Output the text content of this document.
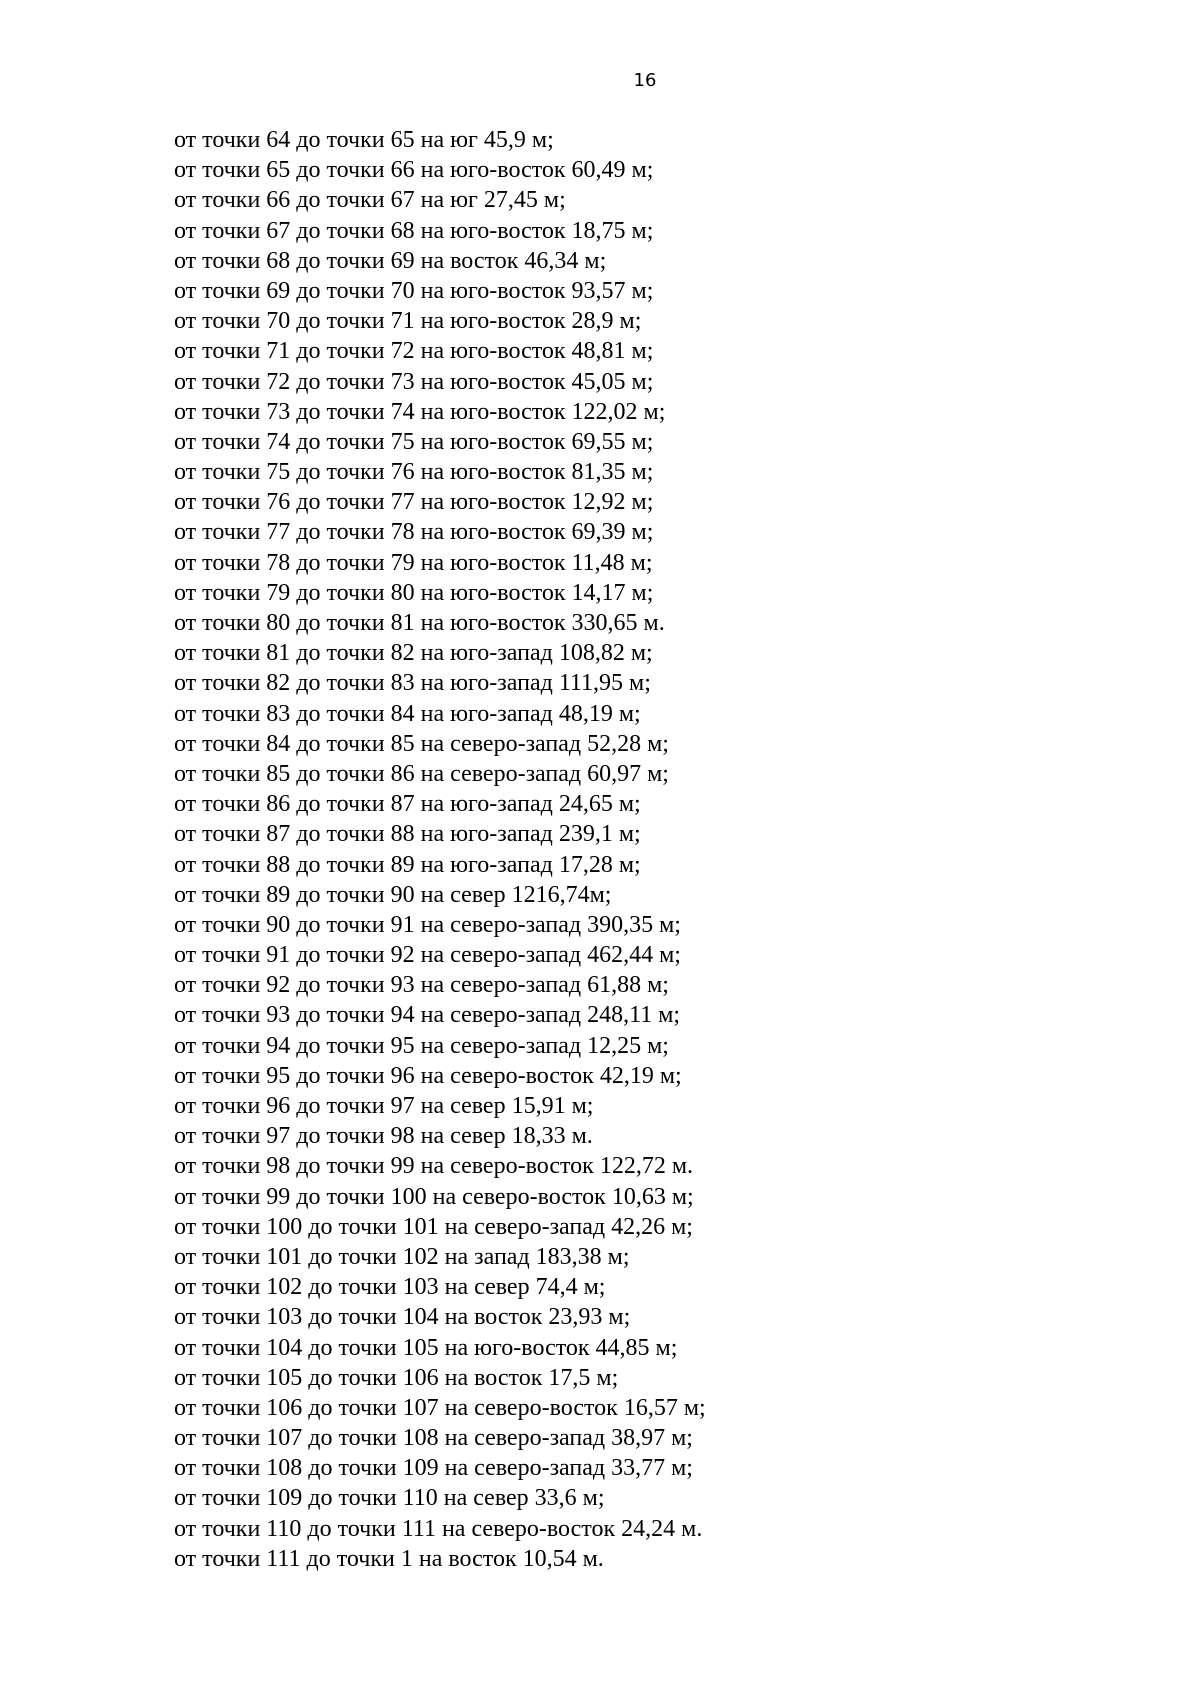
16
от точки 64 до точки 65 на юг 45,9 м;
от точки 65 до точки 66 на юго-восток 60,49 м;
от точки 66 до точки 67 на юг 27,45 м;
от точки 67 до точки 68 на юго-восток 18,75 м;
от точки 68 до точки 69 на восток 46,34 м;
от точки 69 до точки 70 на юго-восток 93,57 м;
от точки 70 до точки 71 на юго-восток 28,9 м;
от точки 71 до точки 72 на юго-восток 48,81 м;
от точки 72 до точки 73 на юго-восток 45,05 м;
от точки 73 до точки 74 на юго-восток 122,02 м;
от точки 74 до точки 75 на юго-восток 69,55 м;
от точки 75 до точки 76 на юго-восток 81,35 м;
от точки 76 до точки 77 на юго-восток 12,92 м;
от точки 77 до точки 78 на юго-восток 69,39 м;
от точки 78 до точки 79 на юго-восток 11,48 м;
от точки 79 до точки 80 на юго-восток 14,17 м;
от точки 80 до точки 81 на юго-восток 330,65 м.
от точки 81 до точки 82 на юго-запад 108,82 м;
от точки 82 до точки 83 на юго-запад 111,95 м;
от точки 83 до точки 84 на юго-запад 48,19 м;
от точки 84 до точки 85 на северо-запад 52,28 м;
от точки 85 до точки 86 на северо-запад 60,97 м;
от точки 86 до точки 87 на юго-запад 24,65 м;
от точки 87 до точки 88 на юго-запад 239,1 м;
от точки 88 до точки 89 на юго-запад 17,28 м;
от точки 89 до точки 90 на север 1216,74м;
от точки 90 до точки 91 на северо-запад 390,35 м;
от точки 91 до точки 92 на северо-запад 462,44 м;
от точки 92 до точки 93 на северо-запад 61,88 м;
от точки 93 до точки 94 на северо-запад 248,11 м;
от точки 94 до точки 95 на северо-запад 12,25 м;
от точки 95 до точки 96 на северо-восток 42,19 м;
от точки 96 до точки 97 на север 15,91 м;
от точки 97 до точки 98 на север 18,33 м.
от точки 98 до точки 99 на северо-восток 122,72 м.
от точки 99 до точки 100 на северо-восток 10,63 м;
от точки 100 до точки 101 на северо-запад 42,26 м;
от точки 101 до точки 102 на запад 183,38 м;
от точки 102 до точки 103 на север 74,4 м;
от точки 103 до точки 104 на восток 23,93 м;
от точки 104 до точки 105 на юго-восток 44,85 м;
от точки 105 до точки 106 на восток 17,5 м;
от точки 106 до точки 107 на северо-восток 16,57 м;
от точки 107 до точки 108 на северо-запад 38,97 м;
от точки 108 до точки 109 на северо-запад 33,77 м;
от точки 109 до точки 110 на север 33,6 м;
от точки 110 до точки 111 на северо-восток 24,24 м.
от точки 111 до точки 1 на восток 10,54 м.
